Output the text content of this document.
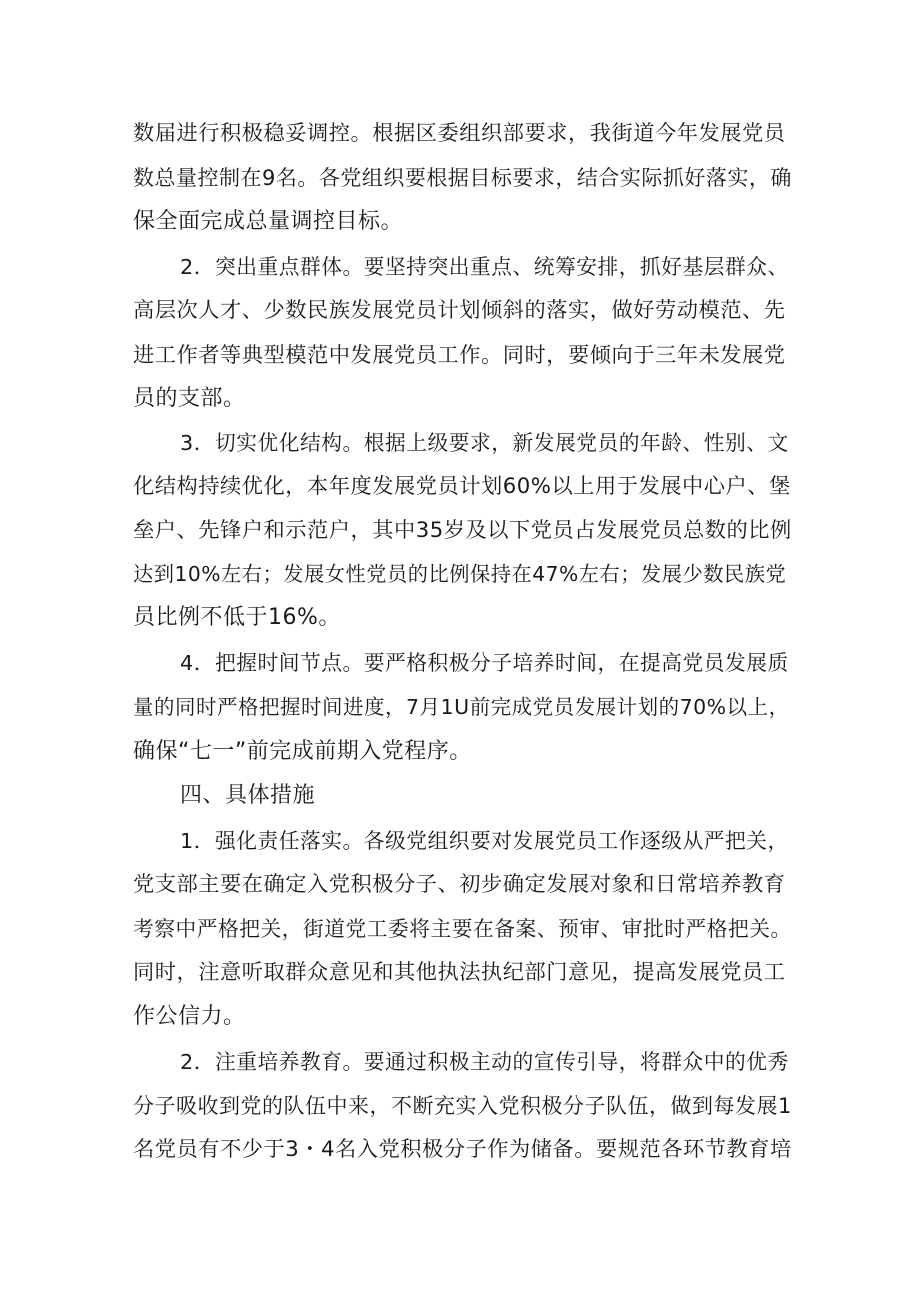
数届进行积极稳妥调控。根据区委组织部要求，我街道今年发展党员
数总量控制在9名。各党组织要根据目标要求，结合实际抓好落实，确
保全面完成总量调控目标。
2．突出重点群体。要坚持突出重点、统筹安排，抓好基层群众、
高层次人才、少数民族发展党员计划倾斜的落实，做好劳动模范、先
进工作者等典型模范中发展党员工作。同时，要倾向于三年未发展党
员的支部。
3．切实优化结构。根据上级要求，新发展党员的年龄、性别、文
化结构持续优化，本年度发展党员计划60%以上用于发展中心户、堡
垒户、先锋户和示范户，其中35岁及以下党员占发展党员总数的比例
达到10%左右；发展女性党员的比例保持在47%左右；发展少数民族党
员比例不低于16%。
4．把握时间节点。要严格积极分子培养时间，在提高党员发展质
量的同时严格把握时间进度，7月1U前完成党员发展计划的70%以上，
确保“七一”前完成前期入党程序。
四、具体措施
1．强化责任落实。各级党组织要对发展党员工作逐级从严把关，
党支部主要在确定入党积极分子、初步确定发展对象和日常培养教育
考察中严格把关，街道党工委将主要在备案、预审、审批时严格把关。
同时，注意听取群众意见和其他执法执纪部门意见，提高发展党员工
作公信力。
2．注重培养教育。要通过积极主动的宣传引导，将群众中的优秀
分子吸收到党的队伍中来，不断充实入党积极分子队伍，做到每发展1
名党员有不少于3・4名入党积极分子作为储备。要规范各环节教育培
